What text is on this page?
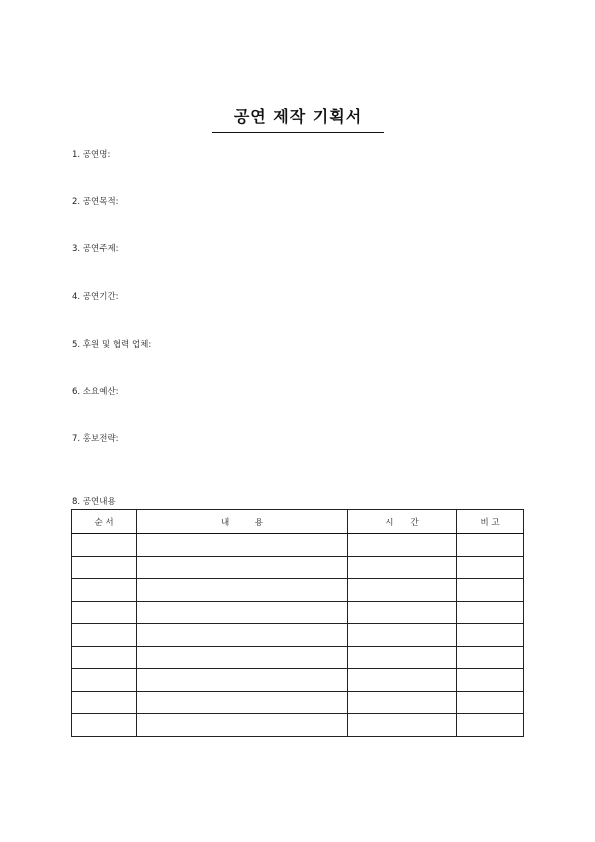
공연 제작 기획서
1. 공연명:
2. 공연목적:
3. 공연주제:
4. 공연기간:
5. 후원 및 협력 업체:
6. 소요예산:
7. 홍보전략:
8. 공연내용
순 서	내　　　용	시　　간	비 고
